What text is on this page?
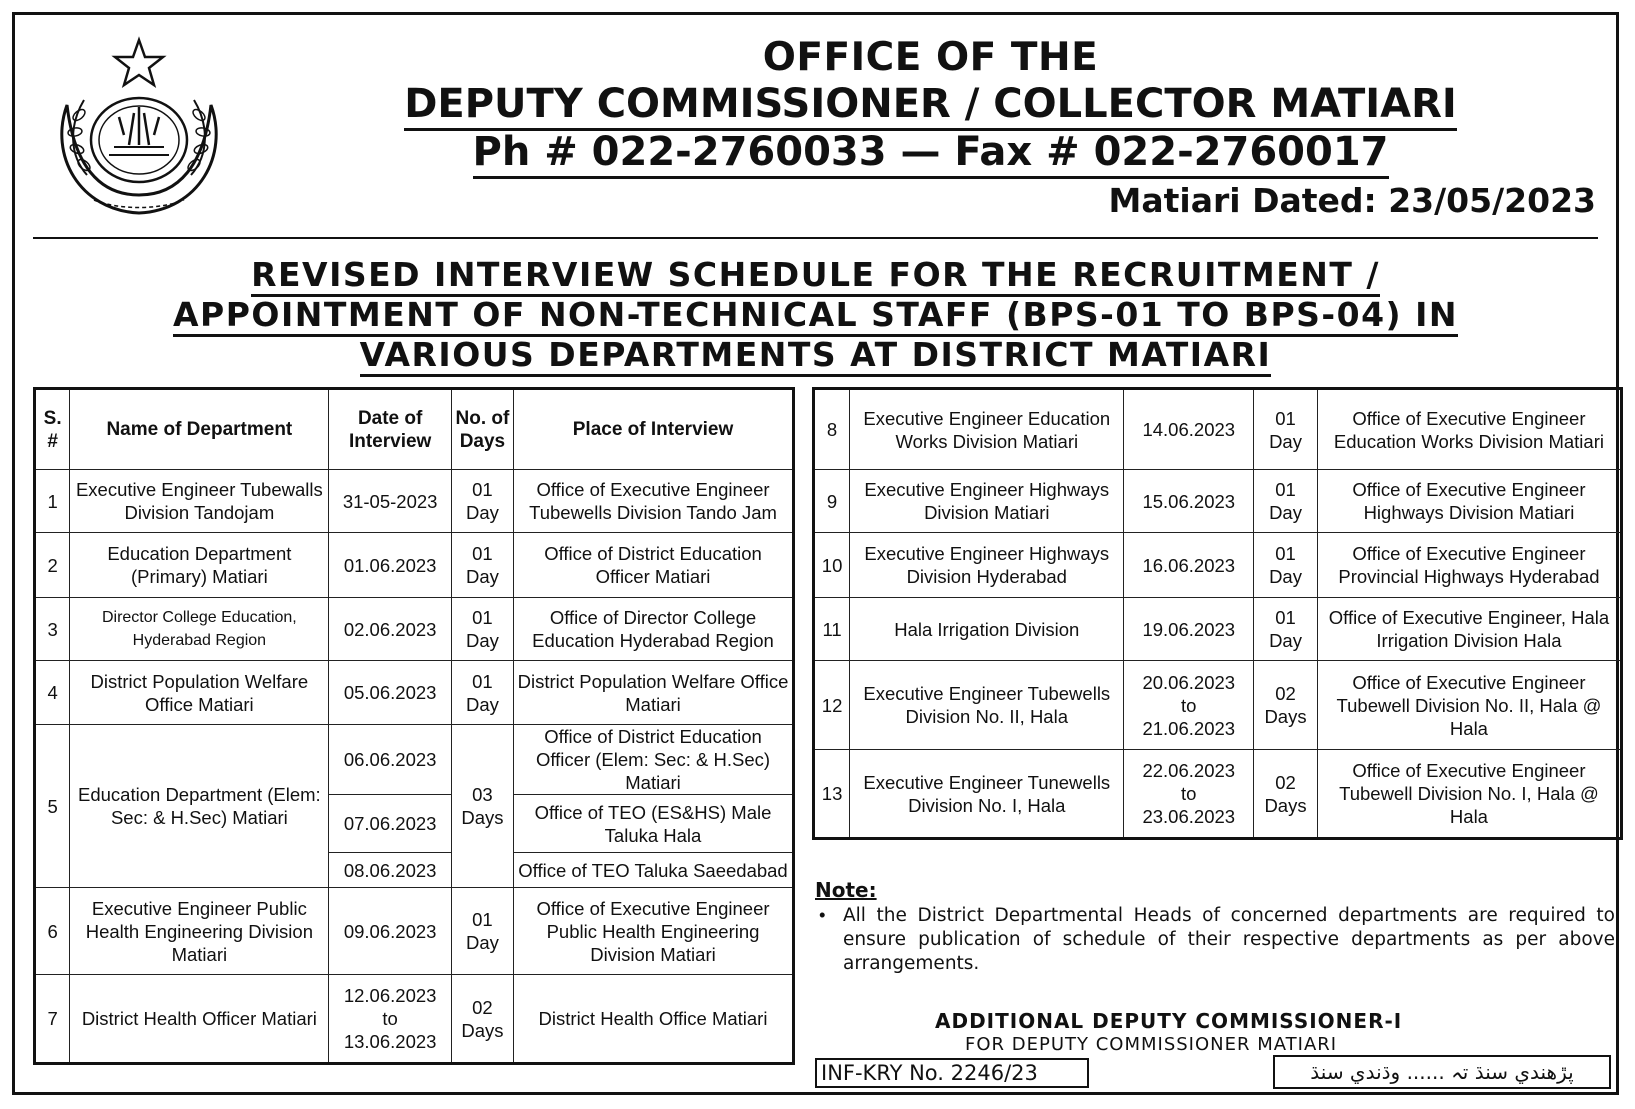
OFFICE OF THE
DEPUTY COMMISSIONER / COLLECTOR MATIARI
Ph # 022-2760033 — Fax # 022-2760017
Matiari Dated: 23/05/2023
REVISED INTERVIEW SCHEDULE FOR THE RECRUITMENT /
APPOINTMENT OF NON-TECHNICAL STAFF (BPS-01 TO BPS-04) IN
VARIOUS DEPARTMENTS AT DISTRICT MATIARI
S. #	Name of Department	Date of Interview	No. of Days	Place of Interview
1	Executive Engineer Tubewalls Division Tandojam	31-05-2023	01 Day	Office of Executive Engineer Tubewells Division Tando Jam
2	Education Department (Primary) Matiari	01.06.2023	01 Day	Office of District Education Officer Matiari
3	Director College Education, Hyderabad Region	02.06.2023	01 Day	Office of Director College Education Hyderabad Region
4	District Population Welfare Office Matiari	05.06.2023	01 Day	District Population Welfare Office Matiari
5	Education Department (Elem: Sec: & H.Sec) Matiari	06.06.2023	03 Days	Office of District Education Officer (Elem: Sec: & H.Sec) Matiari
		07.06.2023		Office of TEO (ES&HS) Male Taluka Hala
		08.06.2023		Office of TEO Taluka Saeedabad
6	Executive Engineer Public Health Engineering Division Matiari	09.06.2023	01 Day	Office of Executive Engineer Public Health Engineering Division Matiari
7	District Health Officer Matiari	12.06.2023
to
13.06.2023	02 Days	District Health Office Matiari
8	Executive Engineer Education Works Division Matiari	14.06.2023	01 Day	Office of Executive Engineer Education Works Division Matiari
9	Executive Engineer Highways Division Matiari	15.06.2023	01 Day	Office of Executive Engineer Highways Division Matiari
10	Executive Engineer Highways Division Hyderabad	16.06.2023	01 Day	Office of Executive Engineer Provincial Highways Hyderabad
11	Hala Irrigation Division	19.06.2023	01 Day	Office of Executive Engineer, Hala Irrigation Division Hala
12	Executive Engineer Tubewells Division No. II, Hala	20.06.2023
to
21.06.2023	02 Days	Office of Executive Engineer Tubewell Division No. II, Hala @ Hala
13	Executive Engineer Tunewells Division No. I, Hala	22.06.2023
to
23.06.2023	02 Days	Office of Executive Engineer Tubewell Division No. I, Hala @ Hala
Note:
• All the District Departmental Heads of concerned departments are required to ensure publication of schedule of their respective departments as per above arrangements.
ADDITIONAL DEPUTY COMMISSIONER-I
FOR DEPUTY COMMISSIONER MATIARI
INF-KRY No. 2246/23	پڙهندي سنڌ تہ ...... وڌندي سنڌ
